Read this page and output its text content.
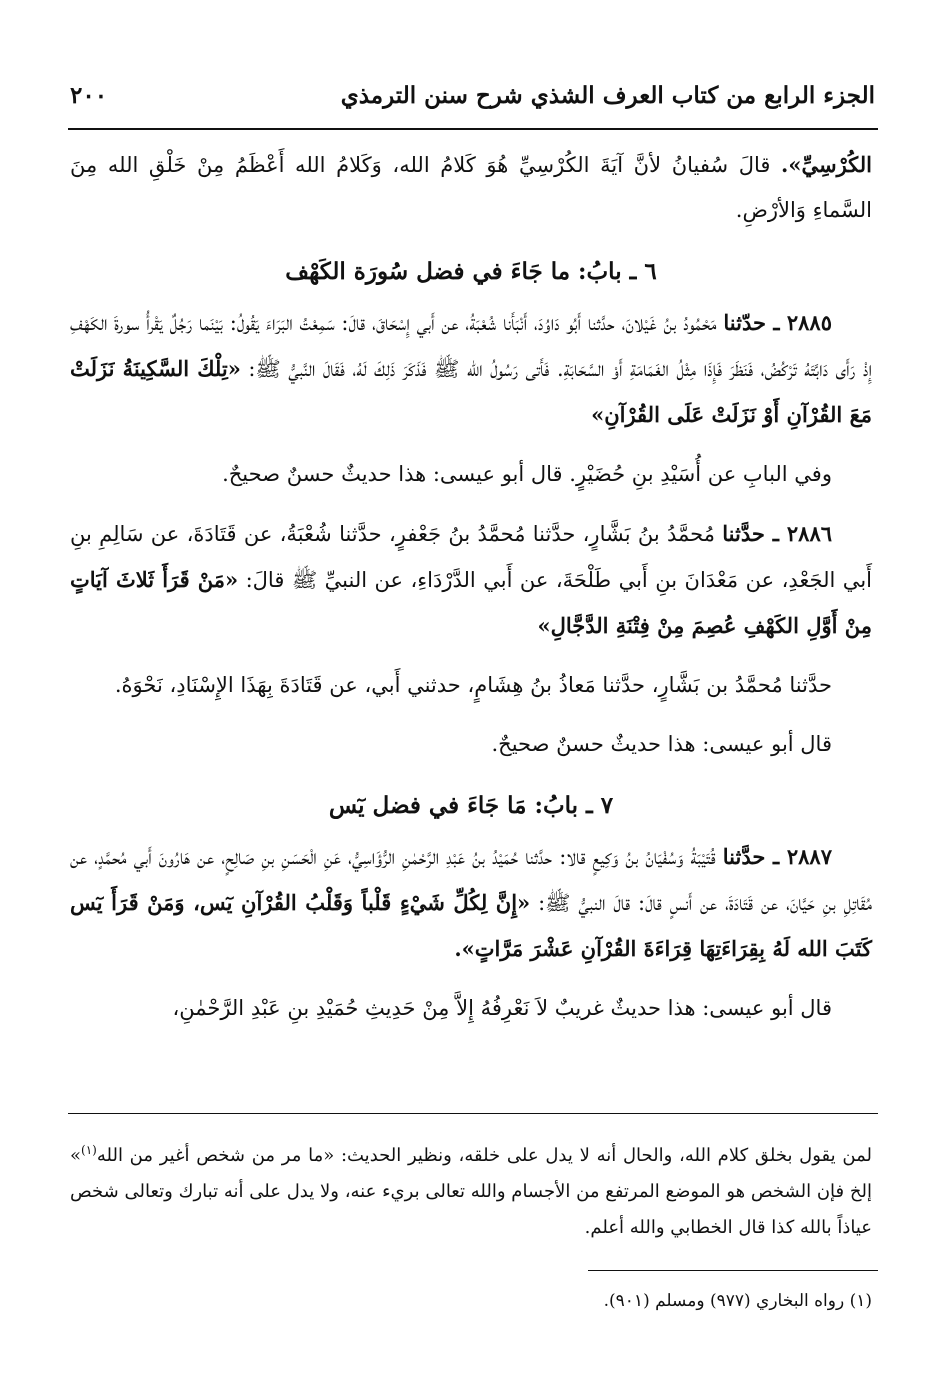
الجزء الرابع من كتاب العرف الشذي شرح سنن الترمذي
٢٠٠

الكُرْسِيِّ». قالَ سُفيانُ لأنَّ آيَةَ الكُرْسِيِّ هُوَ كَلامُ الله، وَكَلامُ الله أَعْظَمُ مِنْ خَلْقِ الله مِنَ السَّماءِ وَالأرْضِ.

٦ ـ بابُ: ما جَاءَ في فضل سُورَة الكَهْف

٢٨٨٥ ـ حدّثنا مَحْمُودُ بنُ غَيْلانَ، حدَّثنا أَبُو دَاوُدَ، أَنْبَأَنا شُعْبَةُ، عن أَبي إِسْحَاقَ، قالَ: سَمِعْتُ البَرَاءَ يَقُولُ: بَيْنَما رَجُلٌ يَقْرأُ سورةَ الكَهْفِ إِذْ رَأَى دَابَّتَهُ تَرْكُضُ، فَنَظَرَ فَإِذَا مِثْلُ الغَمَامَةِ أَوْ السَّحَابَةِ. فَأَتى رَسُولُ الله ﷺ فَذَكَرَ ذَلِكَ لَهُ، فَقَالَ النَّبيُّ ﷺ: «تِلْكَ السَّكِينَةُ نَزَلَتْ مَعَ القُرْآنِ أَوْ نَزَلَتْ عَلَى القُرْآنِ»

وفي البابِ عن أُسَيْدِ بنِ حُضَيْرٍ. قال أبو عيسى: هذا حديثٌ حسنٌ صحيحٌ.

٢٨٨٦ ـ حدَّثنا مُحمَّدُ بنُ بَشَّارٍ، حدَّثنا مُحمَّدُ بنُ جَعْفرٍ، حدَّثنا شُعْبَةُ، عن قَتَادَةَ، عن سَالِمِ بنِ أَبي الجَعْدِ، عن مَعْدَانَ بنِ أَبي طَلْحَةَ، عن أَبي الدَّرْدَاءِ، عن النبيِّ ﷺ قالَ: «مَنْ قَرَأَ ثَلاثَ آيَاتٍ مِنْ أَوَّلِ الكَهْفِ عُصِمَ مِنْ فِتْنَةِ الدَّجَّالِ»

حدَّثنا مُحمَّدُ بن بَشَّارٍ، حدَّثنا مَعاذُ بنُ هِشَامٍ، حدثني أَبي، عن قَتَادَةَ بِهَذَا الإِسْنَادِ، نَحْوَهُ.

قال أبو عيسى: هذا حديثٌ حسنٌ صحيحٌ.

٧ ـ بابُ: مَا جَاءَ في فضل يٓس

٢٨٨٧ ـ حدَّثنا قُتَيْبَةُ وَسُفْيَانُ بنُ وَكِيعٍ قالا: حدَّثنا حُمَيْدُ بنُ عَبْدِ الرَّحْمٰنِ الرُّؤَاسِيُّ، عَنِ الْحَسَنِ بنِ صَالِحٍ، عن هَارُونَ أَبي مُحمَّدٍ، عن مُقَاتِلِ بنِ حَيَّانَ، عن قَتَادَةَ، عن أَنسٍ قالَ: قالَ النبيُّ ﷺ: «إِنَّ لِكُلِّ شَيْءٍ قَلْباً وَقَلْبُ القُرْآنِ يٓس، وَمَنْ قَرَأَ يٓس كَتَبَ الله لَهُ بِقِرَاءَتِهَا قِرَاءَةَ القُرْآنِ عَشْرَ مَرَّاتٍ».

قال أبو عيسى: هذا حديثٌ غريبٌ لاَ نَعْرِفُهُ إِلاَّ مِنْ حَدِيثِ حُمَيْدِ بنِ عَبْدِ الرَّحْمٰنِ،

لمن يقول بخلق كلام الله، والحال أنه لا يدل على خلقه، ونظير الحديث: «ما مر من شخص أغير من الله$^{(١)}$» إلخ فإن الشخص هو الموضع المرتفع من الأجسام والله تعالى بريء عنه، ولا يدل على أنه تبارك وتعالى شخص عياذاً بالله كذا قال الخطابي والله أعلم.

(١) رواه البخاري (٩٧٧) ومسلم (٩٠١).
